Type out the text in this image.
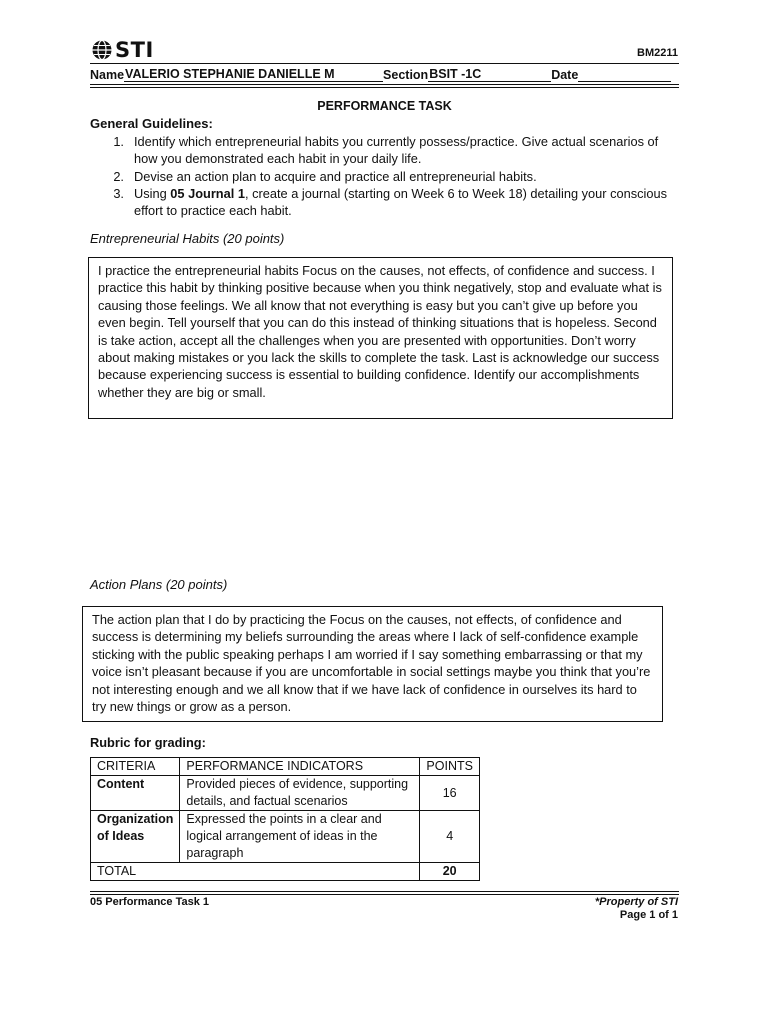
STI	BM2211
NameVALERIO STEPHANIE DANIELLE M	SectionBSIT -1C	Date
PERFORMANCE TASK
General Guidelines:
1. Identify which entrepreneurial habits you currently possess/practice. Give actual scenarios of how you demonstrated each habit in your daily life.
2. Devise an action plan to acquire and practice all entrepreneurial habits.
3. Using 05 Journal 1, create a journal (starting on Week 6 to Week 18) detailing your conscious effort to practice each habit.
Entrepreneurial Habits (20 points)
I practice the entrepreneurial habits Focus on the causes, not effects, of confidence and success. I practice this habit by thinking positive because when you think negatively, stop and evaluate what is causing those feelings. We all know that not everything is easy but you can’t give up before you even begin. Tell yourself that you can do this instead of thinking situations that is hopeless. Second is take action, accept all the challenges when you are presented with opportunities. Don’t worry about making mistakes or you lack the skills to complete the task. Last is acknowledge our success because experiencing success is essential to building confidence. Identify our accomplishments whether they are big or small.
Action Plans (20 points)
The action plan that I do by practicing the Focus on the causes, not effects, of confidence and success is determining my beliefs surrounding the areas where I lack of self-confidence example sticking with the public speaking perhaps I am worried if I say something embarrassing or that my voice isn’t pleasant because if you are uncomfortable in social settings maybe you think that you’re not interesting enough and we all know that if we have lack of confidence in ourselves its hard to try new things or grow as a person.
Rubric for grading:
CRITERIA	PERFORMANCE INDICATORS	POINTS
Content	Provided pieces of evidence, supporting details, and factual scenarios	16
Organization of Ideas	Expressed the points in a clear and logical arrangement of ideas in the paragraph	4
TOTAL		20
05 Performance Task 1	*Property of STI
Page 1 of 1
